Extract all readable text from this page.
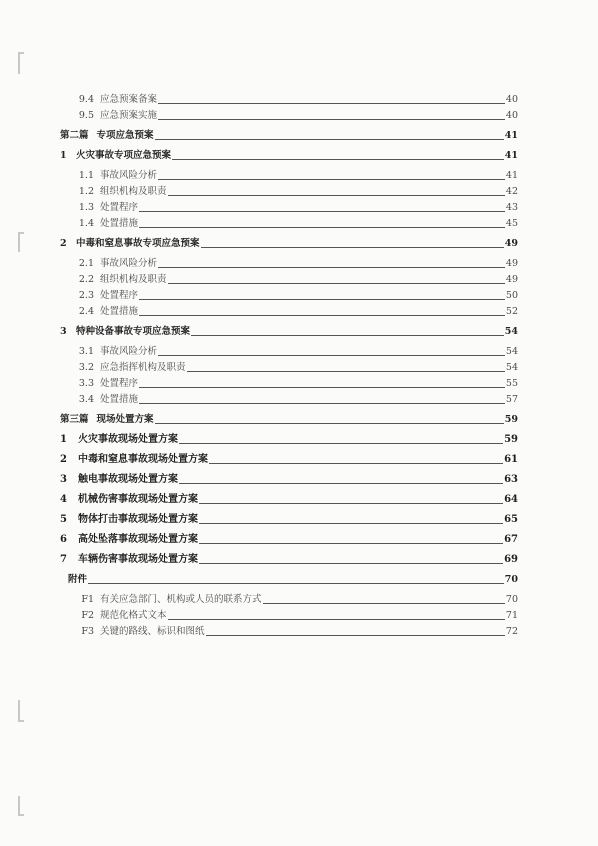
9.4 应急预案备案	40
9.5 应急预案实施	40
第二篇 专项应急预案	41
1 火灾事故专项应急预案	41
1.1 事故风险分析	41
1.2 组织机构及职责	42
1.3 处置程序	43
1.4 处置措施	45
2 中毒和窒息事故专项应急预案	49
2.1 事故风险分析	49
2.2 组织机构及职责	49
2.3 处置程序	50
2.4 处置措施	52
3 特种设备事故专项应急预案	54
3.1 事故风险分析	54
3.2 应急指挥机构及职责	54
3.3 处置程序	55
3.4 处置措施	57
第三篇 现场处置方案	59
1	火灾事故现场处置方案	59
2	中毒和窒息事故现场处置方案	61
3	触电事故现场处置方案	63
4	机械伤害事故现场处置方案	64
5	物体打击事故现场处置方案	65
6	高处坠落事故现场处置方案	67
7	车辆伤害事故现场处置方案	69
附件	70
F1 有关应急部门、机构或人员的联系方式	70
F2 规范化格式文本	71
F3 关键的路线、标识和图纸	72
